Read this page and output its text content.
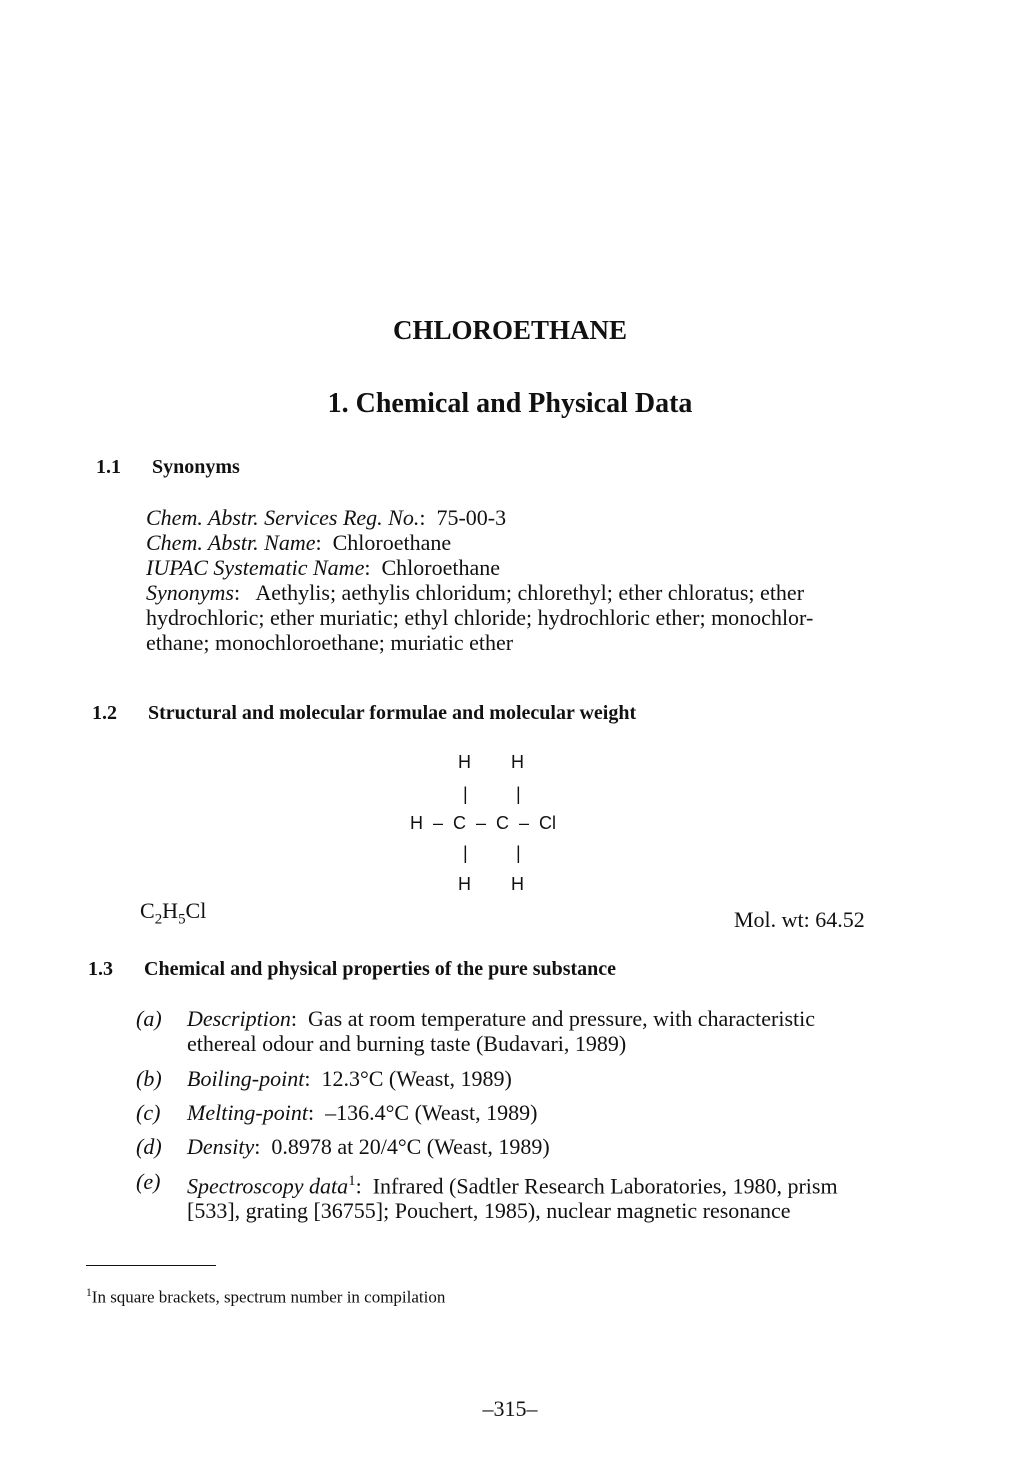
CHLOROETHANE
1. Chemical and Physical Data
1.1 Synonyms
Chem. Abstr. Services Reg. No.:  75-00-3
Chem. Abstr. Name:  Chloroethane
IUPAC Systematic Name:  Chloroethane
Synonyms:   Aethylis; aethylis chloridum; chlorethyl; ether chloratus; ether
hydrochloric; ether muriatic; ethyl chloride; hydrochloric ether; monochlor-
ethane; monochloroethane; muriatic ether
1.2 Structural and molecular formulae and molecular weight
H H
|	|
H  –  C  –  C  –  Cl
|	|
H H
$C_2H_5Cl$	Mol. wt: 64.52
1.3 Chemical and physical properties of the pure substance
(a) Description:  Gas at room temperature and pressure, with characteristic
ethereal odour and burning taste (Budavari, 1989)
(b) Boiling-point:  12.3°C (Weast, 1989)
(c) Melting-point:  –136.4°C (Weast, 1989)
(d) Density:  0.8978 at 20/4°C (Weast, 1989)
(e) Spectroscopy data$^1$:  Infrared (Sadtler Research Laboratories, 1980, prism
[533], grating [36755]; Pouchert, 1985), nuclear magnetic resonance
$^1$In square brackets, spectrum number in compilation
–315–
